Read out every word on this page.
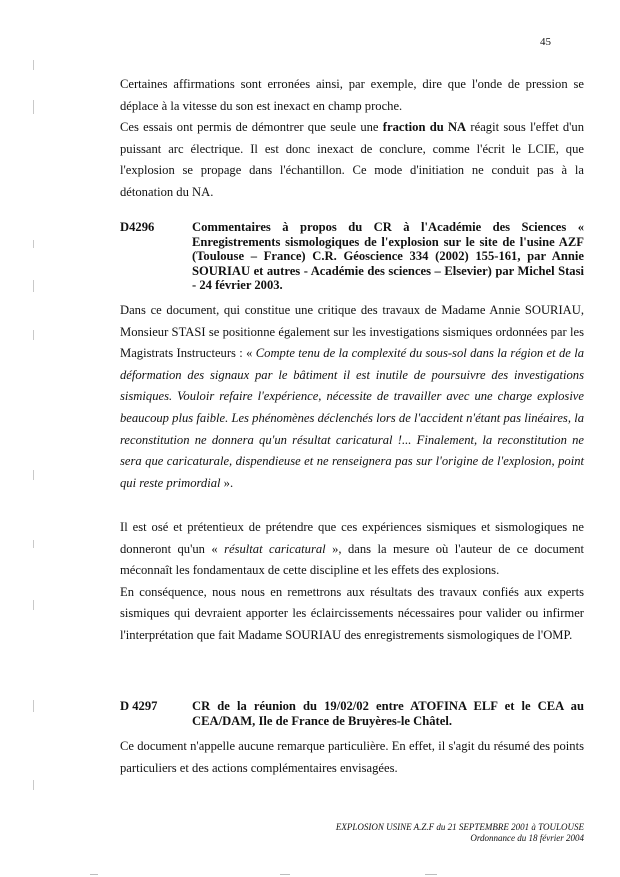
45

Certaines affirmations sont erronées ainsi, par exemple, dire que l'onde de pression se déplace à la vitesse du son est inexact en champ proche.

Ces essais ont permis de démontrer que seule une fraction du NA réagit sous l'effet d'un puissant arc électrique. Il est donc inexact de conclure, comme l'écrit le LCIE, que l'explosion se propage dans l'échantillon. Ce mode d'initiation ne conduit pas à la détonation du NA.

D4296	Commentaires à propos du CR à l'Académie des Sciences « Enregistrements sismologiques de l'explosion sur le site de l'usine AZF (Toulouse – France) C.R. Géoscience 334 (2002) 155-161, par Annie SOURIAU et autres - Académie des sciences – Elsevier) par Michel Stasi - 24 février 2003.

Dans ce document, qui constitue une critique des travaux de Madame Annie SOURIAU, Monsieur STASI se positionne également sur les investigations sismiques ordonnées par les Magistrats Instructeurs : « Compte tenu de la complexité du sous-sol dans la région et de la déformation des signaux par le bâtiment il est inutile de poursuivre des investigations sismiques. Vouloir refaire l'expérience, nécessite de travailler avec une charge explosive beaucoup plus faible. Les phénomènes déclenchés lors de l'accident n'étant pas linéaires, la reconstitution ne donnera qu'un résultat caricatural !... Finalement, la reconstitution ne sera que caricaturale, dispendieuse et ne renseignera pas sur l'origine de l'explosion, point qui reste primordial ».

Il est osé et prétentieux de prétendre que ces expériences sismiques et sismologiques ne donneront qu'un « résultat caricatural », dans la mesure où l'auteur de ce document méconnaît les fondamentaux de cette discipline et les effets des explosions.

En conséquence, nous nous en remettrons aux résultats des travaux confiés aux experts sismiques qui devraient apporter les éclaircissements nécessaires pour valider ou infirmer l'interprétation que fait Madame SOURIAU des enregistrements sismologiques de l'OMP.

D 4297	CR de la réunion du 19/02/02 entre ATOFINA ELF et le CEA au CEA/DAM, Ile de France de Bruyères-le Châtel.

Ce document n'appelle aucune remarque particulière. En effet, il s'agit du résumé des points particuliers et des actions complémentaires envisagées.

EXPLOSION USINE A.Z.F du 21 SEPTEMBRE 2001 à TOULOUSE
Ordonnance du 18 février 2004
